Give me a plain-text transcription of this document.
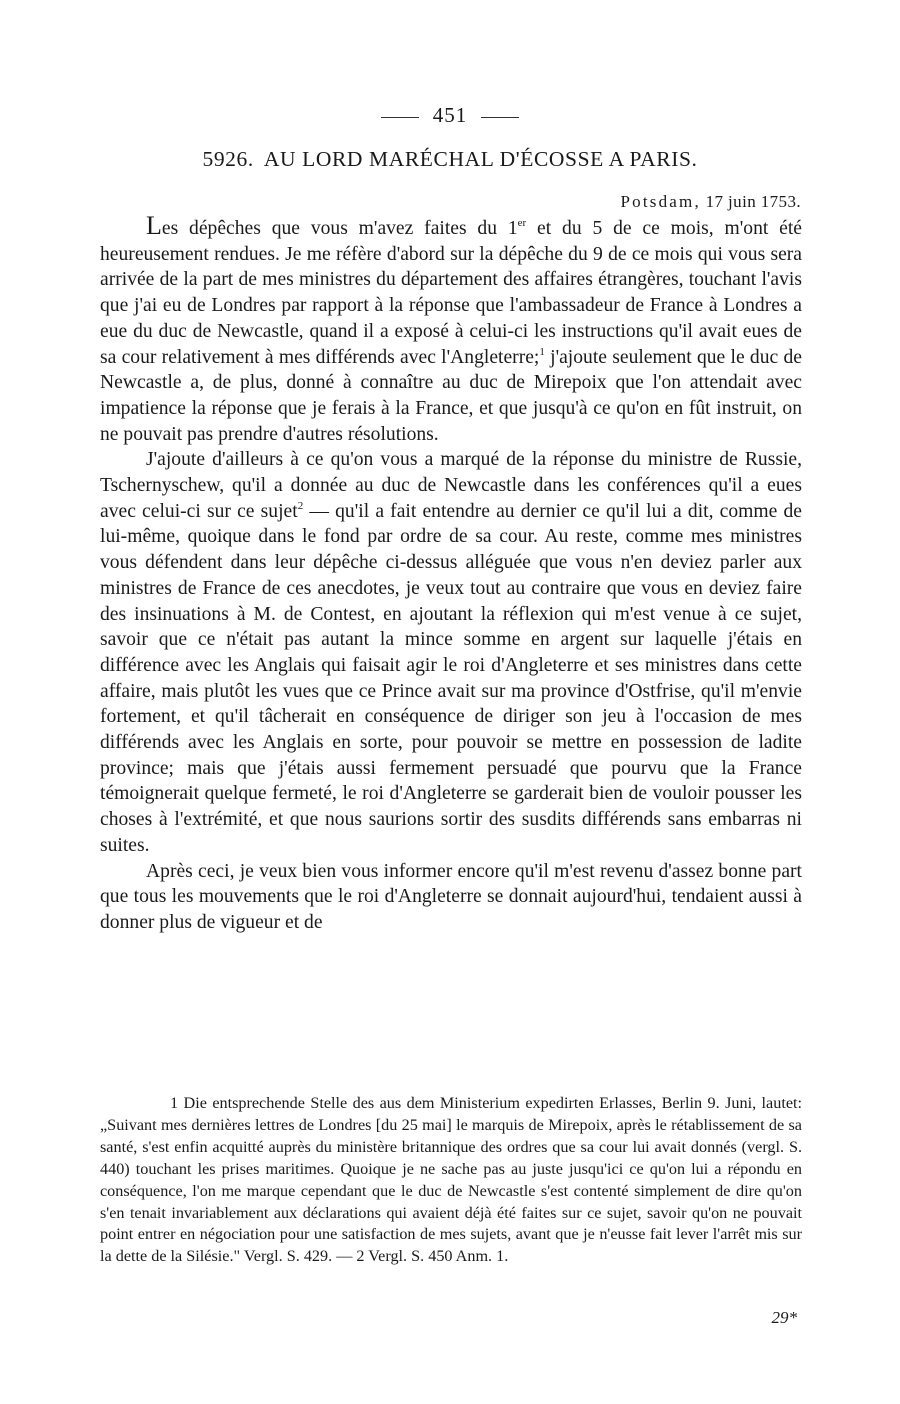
451
5926. AU LORD MARÉCHAL D'ÉCOSSE A PARIS.
Potsdam, 17 juin 1753.

Les dépêches que vous m'avez faites du 1er et du 5 de ce mois, m'ont été heureusement rendues. Je me réfère d'abord sur la dépêche du 9 de ce mois qui vous sera arrivée de la part de mes ministres du département des affaires étrangères, touchant l'avis que j'ai eu de Londres par rapport à la réponse que l'ambassadeur de France à Londres a eue du duc de Newcastle, quand il a exposé à celui-ci les instructions qu'il avait eues de sa cour relativement à mes différends avec l'Angleterre;$^1$ j'ajoute seulement que le duc de Newcastle a, de plus, donné à connaître au duc de Mirepoix que l'on attendait avec impatience la réponse que je ferais à la France, et que jusqu'à ce qu'on en fût instruit, on ne pouvait pas prendre d'autres résolutions.

J'ajoute d'ailleurs à ce qu'on vous a marqué de la réponse du ministre de Russie, Tschernyschew, qu'il a donnée au duc de Newcastle dans les conférences qu'il a eues avec celui-ci sur ce sujet$^2$ — qu'il a fait entendre au dernier ce qu'il lui a dit, comme de lui-même, quoique dans le fond par ordre de sa cour. Au reste, comme mes ministres vous défendent dans leur dépêche ci-dessus alléguée que vous n'en deviez parler aux ministres de France de ces anecdotes, je veux tout au contraire que vous en deviez faire des insinuations à M. de Contest, en ajoutant la réflexion qui m'est venue à ce sujet, savoir que ce n'était pas autant la mince somme en argent sur laquelle j'étais en différence avec les Anglais qui faisait agir le roi d'Angleterre et ses ministres dans cette affaire, mais plutôt les vues que ce Prince avait sur ma province d'Ostfrise, qu'il m'envie fortement, et qu'il tâcherait en conséquence de diriger son jeu à l'occasion de mes différends avec les Anglais en sorte, pour pouvoir se mettre en possession de ladite province; mais que j'étais aussi fermement persuadé que pourvu que la France témoignerait quelque fermeté, le roi d'Angleterre se garderait bien de vouloir pousser les choses à l'extrémité, et que nous saurions sortir des susdits différends sans embarras ni suites.

Après ceci, je veux bien vous informer encore qu'il m'est revenu d'assez bonne part que tous les mouvements que le roi d'Angleterre se donnait aujourd'hui, tendaient aussi à donner plus de vigueur et de

1 Die entsprechende Stelle des aus dem Ministerium expedirten Erlasses, Berlin 9. Juni, lautet: „Suivant mes dernières lettres de Londres [du 25 mai] le marquis de Mirepoix, après le rétablissement de sa santé, s'est enfin acquitté auprès du ministère britannique des ordres que sa cour lui avait donnés (vergl. S. 440) touchant les prises maritimes. Quoique je ne sache pas au juste jusqu'ici ce qu'on lui a répondu en conséquence, l'on me marque cependant que le duc de Newcastle s'est contenté simplement de dire qu'on s'en tenait invariablement aux déclarations qui avaient déjà été faites sur ce sujet, savoir qu'on ne pouvait point entrer en négociation pour une satisfaction de mes sujets, avant que je n'eusse fait lever l'arrêt mis sur la dette de la Silésie." Vergl. S. 429. — 2 Vergl. S. 450 Anm. 1.

29*
